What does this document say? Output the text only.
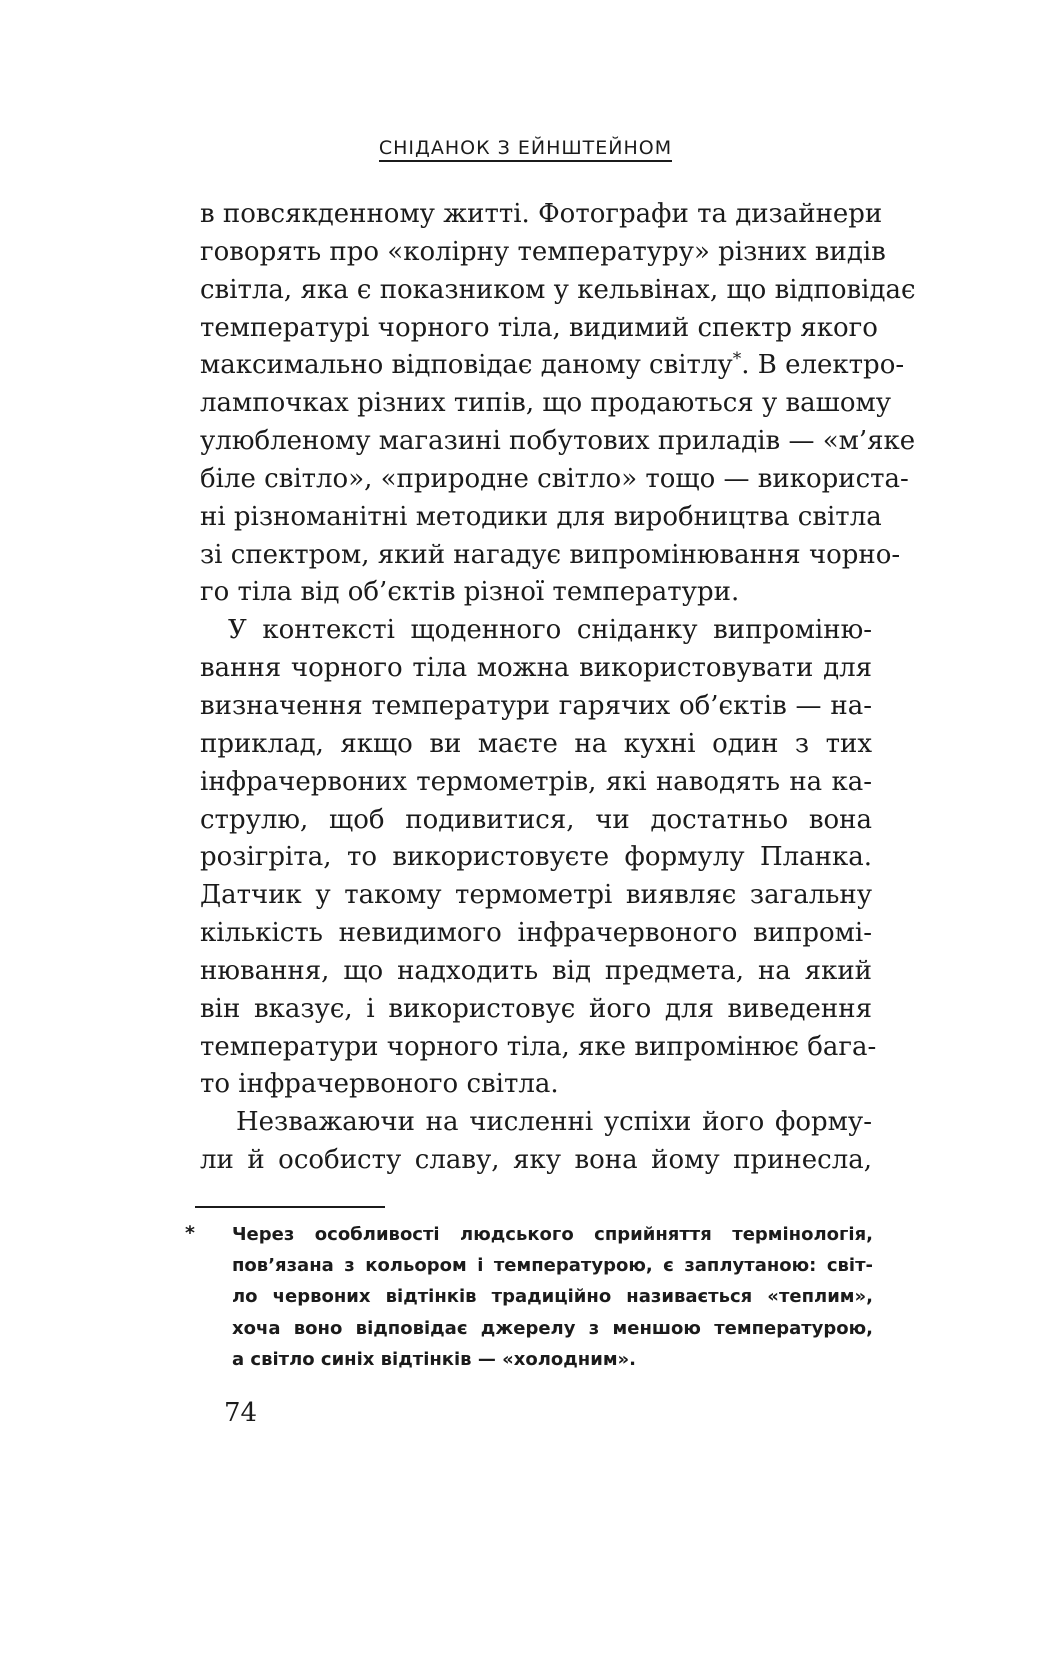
СНІДАНОК З ЕЙНШТЕЙНОМ
в повсякденному житті. Фотографи та дизайнери
говорять про «колірну температуру» різних видів
світла, яка є показником у кельвінах, що відповідає
температурі чорного тіла, видимий спектр якого
максимально відповідає даному світлу*. В електро-
лампочках різних типів, що продаються у вашому
улюбленому магазині побутових приладів — «м’яке
біле світло», «природне світло» тощо — використа-
ні різноманітні методики для виробництва світла
зі спектром, який нагадує випромінювання чорно-
го тіла від об’єктів різної температури.
У контексті щоденного сніданку випроміню-
вання чорного тіла можна використовувати для
визначення температури гарячих об’єктів — на-
приклад, якщо ви маєте на кухні один з тих
інфрачервоних термометрів, які наводять на ка-
струлю, щоб подивитися, чи достатньо вона
розігріта, то використовуєте формулу Планка.
Датчик у такому термометрі виявляє загальну
кількість невидимого інфрачервоного випромі-
нювання, що надходить від предмета, на який
він вказує, і використовує його для виведення
температури чорного тіла, яке випромінює бага-
то інфрачервоного світла.
Незважаючи на численні успіхи його форму-
ли й особисту славу, яку вона йому принесла,
* Через особливості людського сприйняття термінологія,
пов’язана з кольором і температурою, є заплутаною: світ-
ло червоних відтінків традиційно називається «теплим»,
хоча воно відповідає джерелу з меншою температурою,
а світло синіх відтінків — «холодним».
74
